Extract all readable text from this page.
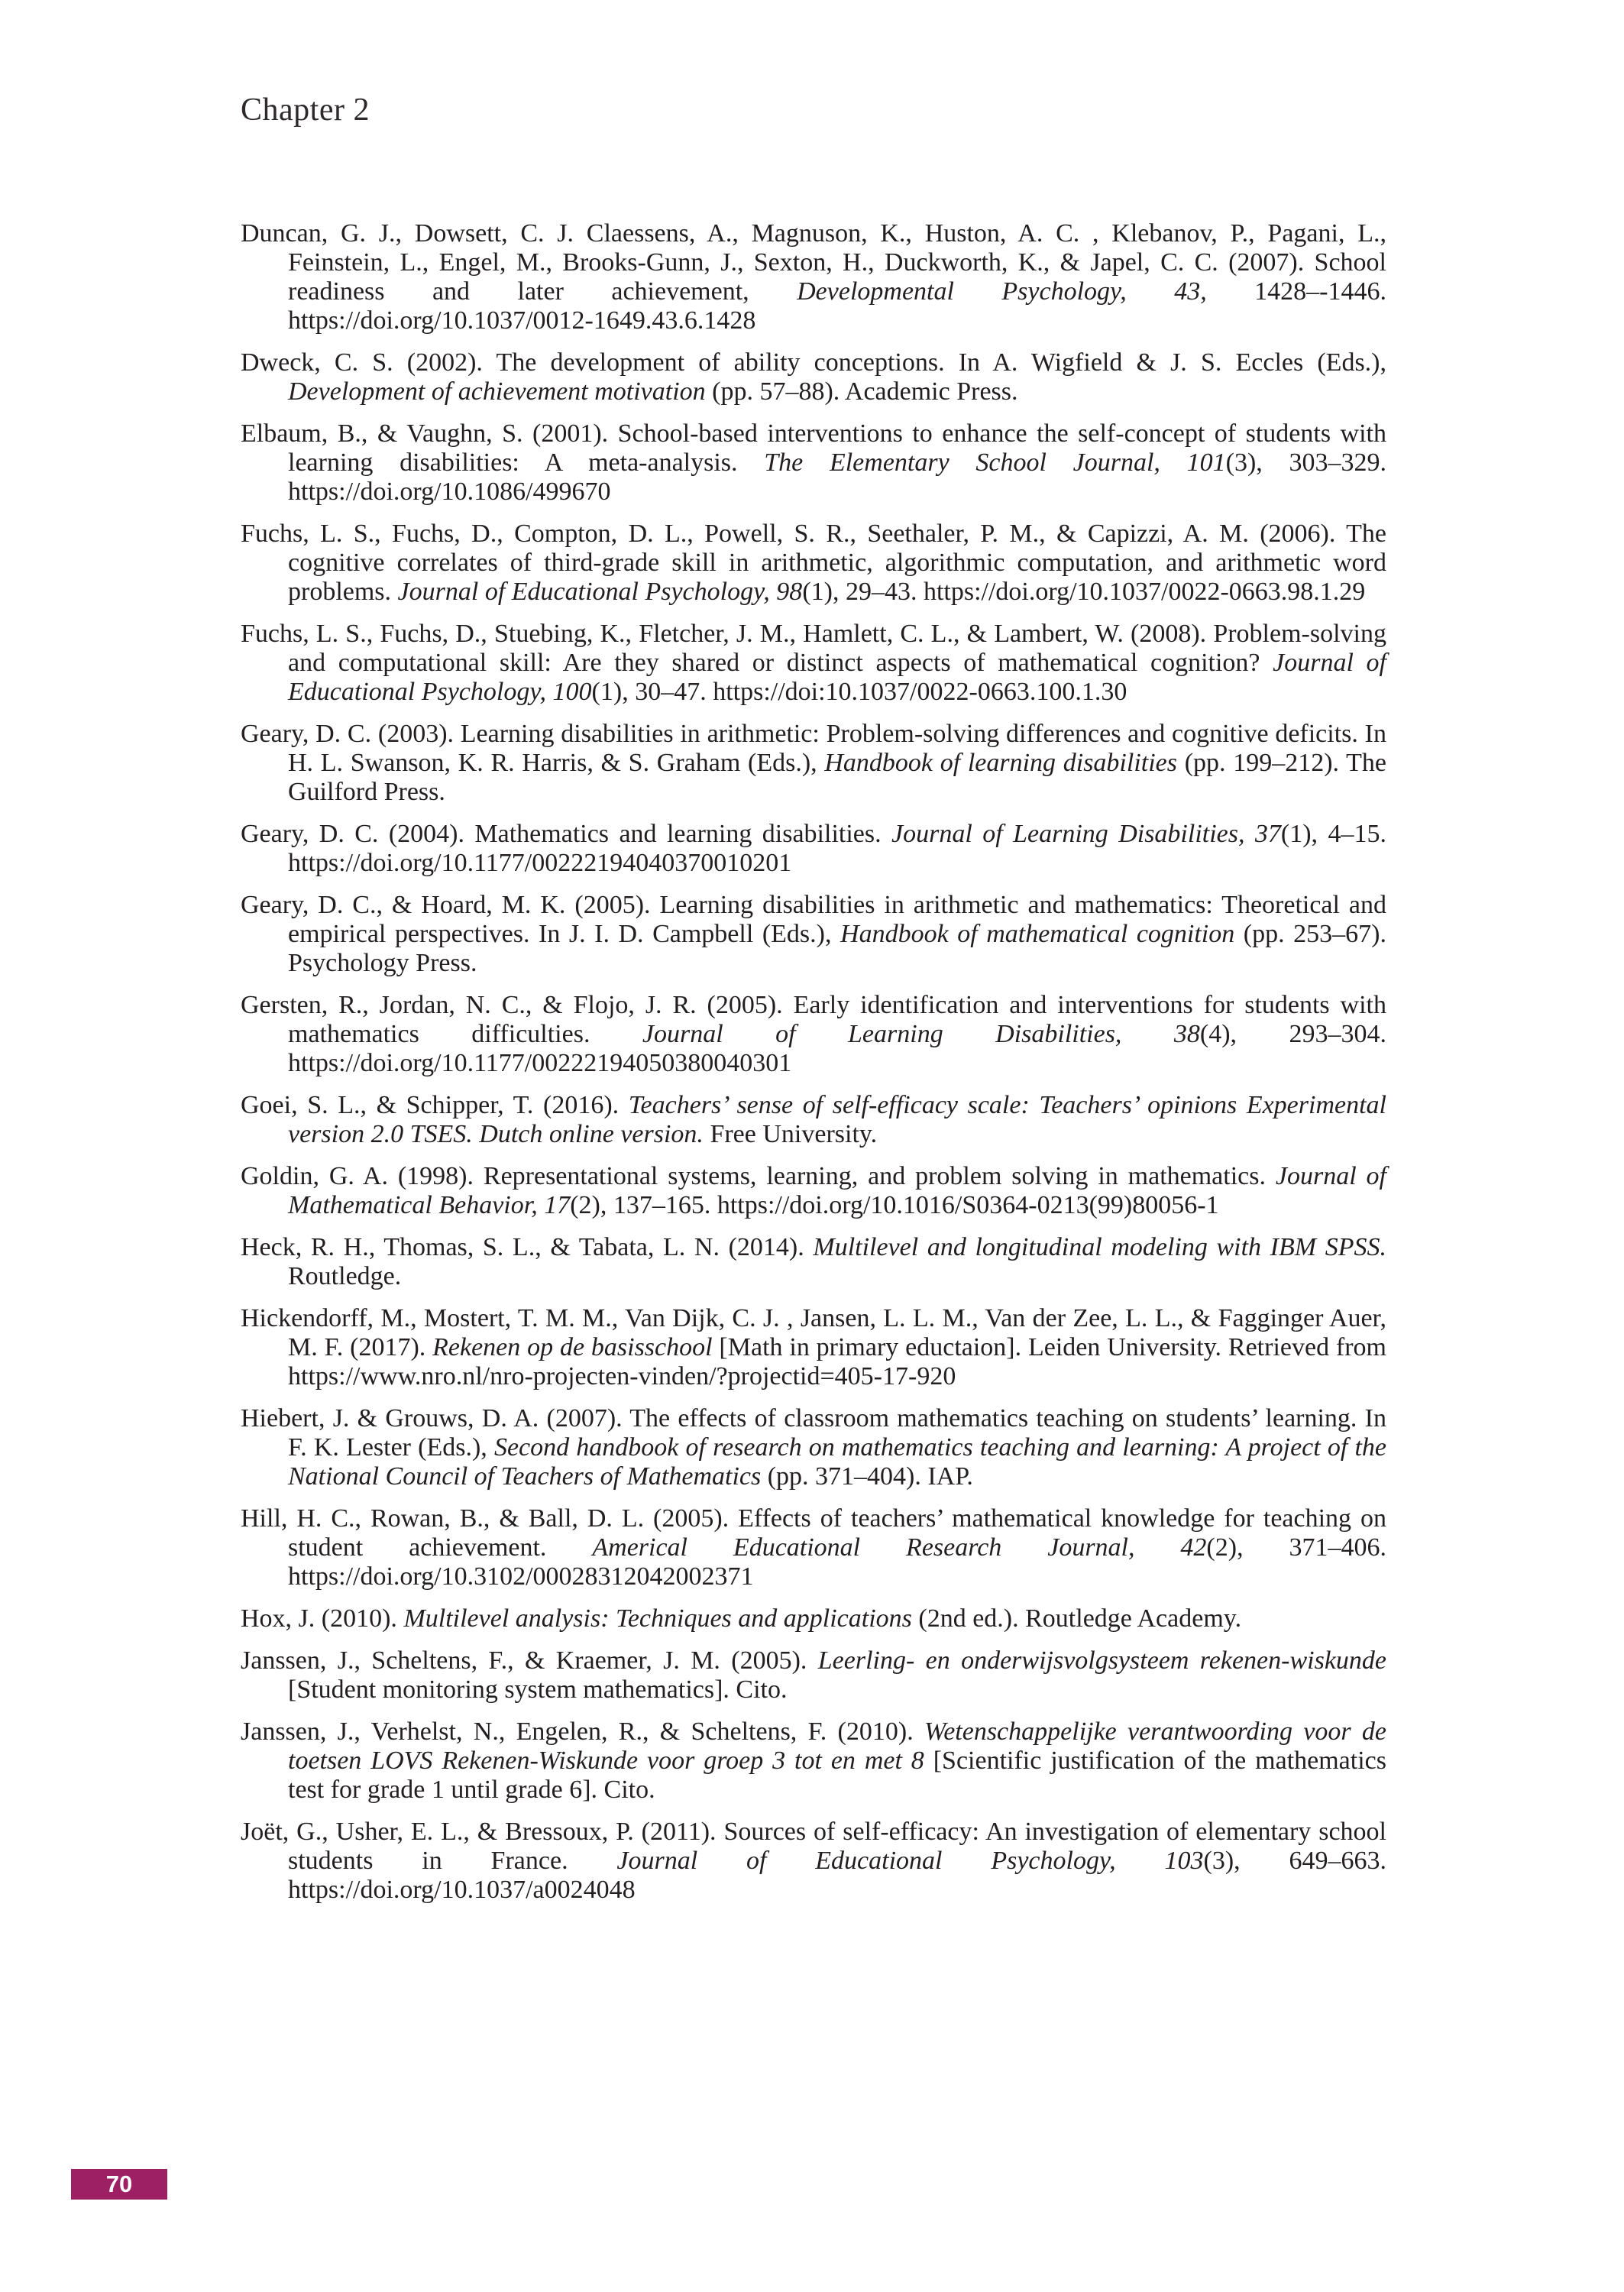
Chapter 2

Duncan, G. J., Dowsett, C. J. Claessens, A., Magnuson, K., Huston, A. C. , Klebanov, P., Pagani, L., Feinstein, L., Engel, M., Brooks-Gunn, J., Sexton, H., Duckworth, K., & Japel, C. C. (2007). School readiness and later achievement, Developmental Psychology, 43, 1428–-1446. https://doi.org/10.1037/0012-1649.43.6.1428

Dweck, C. S. (2002). The development of ability conceptions. In A. Wigfield & J. S. Eccles (Eds.), Development of achievement motivation (pp. 57–88). Academic Press.

Elbaum, B., & Vaughn, S. (2001). School-based interventions to enhance the self-concept of students with learning disabilities: A meta-analysis. The Elementary School Journal, 101(3), 303–329. https://doi.org/10.1086/499670

Fuchs, L. S., Fuchs, D., Compton, D. L., Powell, S. R., Seethaler, P. M., & Capizzi, A. M. (2006). The cognitive correlates of third-grade skill in arithmetic, algorithmic computation, and arithmetic word problems. Journal of Educational Psychology, 98(1), 29–43. https://doi.org/10.1037/0022-0663.98.1.29

Fuchs, L. S., Fuchs, D., Stuebing, K., Fletcher, J. M., Hamlett, C. L., & Lambert, W. (2008). Problem-solving and computational skill: Are they shared or distinct aspects of mathematical cognition? Journal of Educational Psychology, 100(1), 30–47. https://doi:10.1037/0022-0663.100.1.30

Geary, D. C. (2003). Learning disabilities in arithmetic: Problem-solving differences and cognitive deficits. In H. L. Swanson, K. R. Harris, & S. Graham (Eds.), Handbook of learning disabilities (pp. 199–212). The Guilford Press.

Geary, D. C. (2004). Mathematics and learning disabilities. Journal of Learning Disabilities, 37(1), 4–15. https://doi.org/10.1177/00222194040370010201

Geary, D. C., & Hoard, M. K. (2005). Learning disabilities in arithmetic and mathematics: Theoretical and empirical perspectives. In J. I. D. Campbell (Eds.), Handbook of mathematical cognition (pp. 253–67). Psychology Press.

Gersten, R., Jordan, N. C., & Flojo, J. R. (2005). Early identification and interventions for students with mathematics difficulties. Journal of Learning Disabilities, 38(4), 293–304. https://doi.org/10.1177/00222194050380040301

Goei, S. L., & Schipper, T. (2016). Teachers’ sense of self-efficacy scale: Teachers’ opinions Experimental version 2.0 TSES. Dutch online version. Free University.

Goldin, G. A. (1998). Representational systems, learning, and problem solving in mathematics. Journal of Mathematical Behavior, 17(2), 137–165. https://doi.org/10.1016/S0364-0213(99)80056-1

Heck, R. H., Thomas, S. L., & Tabata, L. N. (2014). Multilevel and longitudinal modeling with IBM SPSS. Routledge.

Hickendorff, M., Mostert, T. M. M., Van Dijk, C. J. , Jansen, L. L. M., Van der Zee, L. L., & Fagginger Auer, M. F. (2017). Rekenen op de basisschool [Math in primary eductaion]. Leiden University. Retrieved from https://www.nro.nl/nro-projecten-vinden/?projectid=405-17-920

Hiebert, J. & Grouws, D. A. (2007). The effects of classroom mathematics teaching on students’ learning. In F. K. Lester (Eds.), Second handbook of research on mathematics teaching and learning: A project of the National Council of Teachers of Mathematics (pp. 371–404). IAP.

Hill, H. C., Rowan, B., & Ball, D. L. (2005). Effects of teachers’ mathematical knowledge for teaching on student achievement. Americal Educational Research Journal, 42(2), 371–406. https://doi.org/10.3102/00028312042002371

Hox, J. (2010). Multilevel analysis: Techniques and applications (2nd ed.). Routledge Academy.

Janssen, J., Scheltens, F., & Kraemer, J. M. (2005). Leerling- en onderwijsvolgsysteem rekenen-wiskunde [Student monitoring system mathematics]. Cito.

Janssen, J., Verhelst, N., Engelen, R., & Scheltens, F. (2010). Wetenschappelijke verantwoording voor de toetsen LOVS Rekenen-Wiskunde voor groep 3 tot en met 8 [Scientific justification of the mathematics test for grade 1 until grade 6]. Cito.

Joët, G., Usher, E. L., & Bressoux, P. (2011). Sources of self-efficacy: An investigation of elementary school students in France. Journal of Educational Psychology, 103(3), 649–663. https://doi.org/10.1037/a0024048

70
